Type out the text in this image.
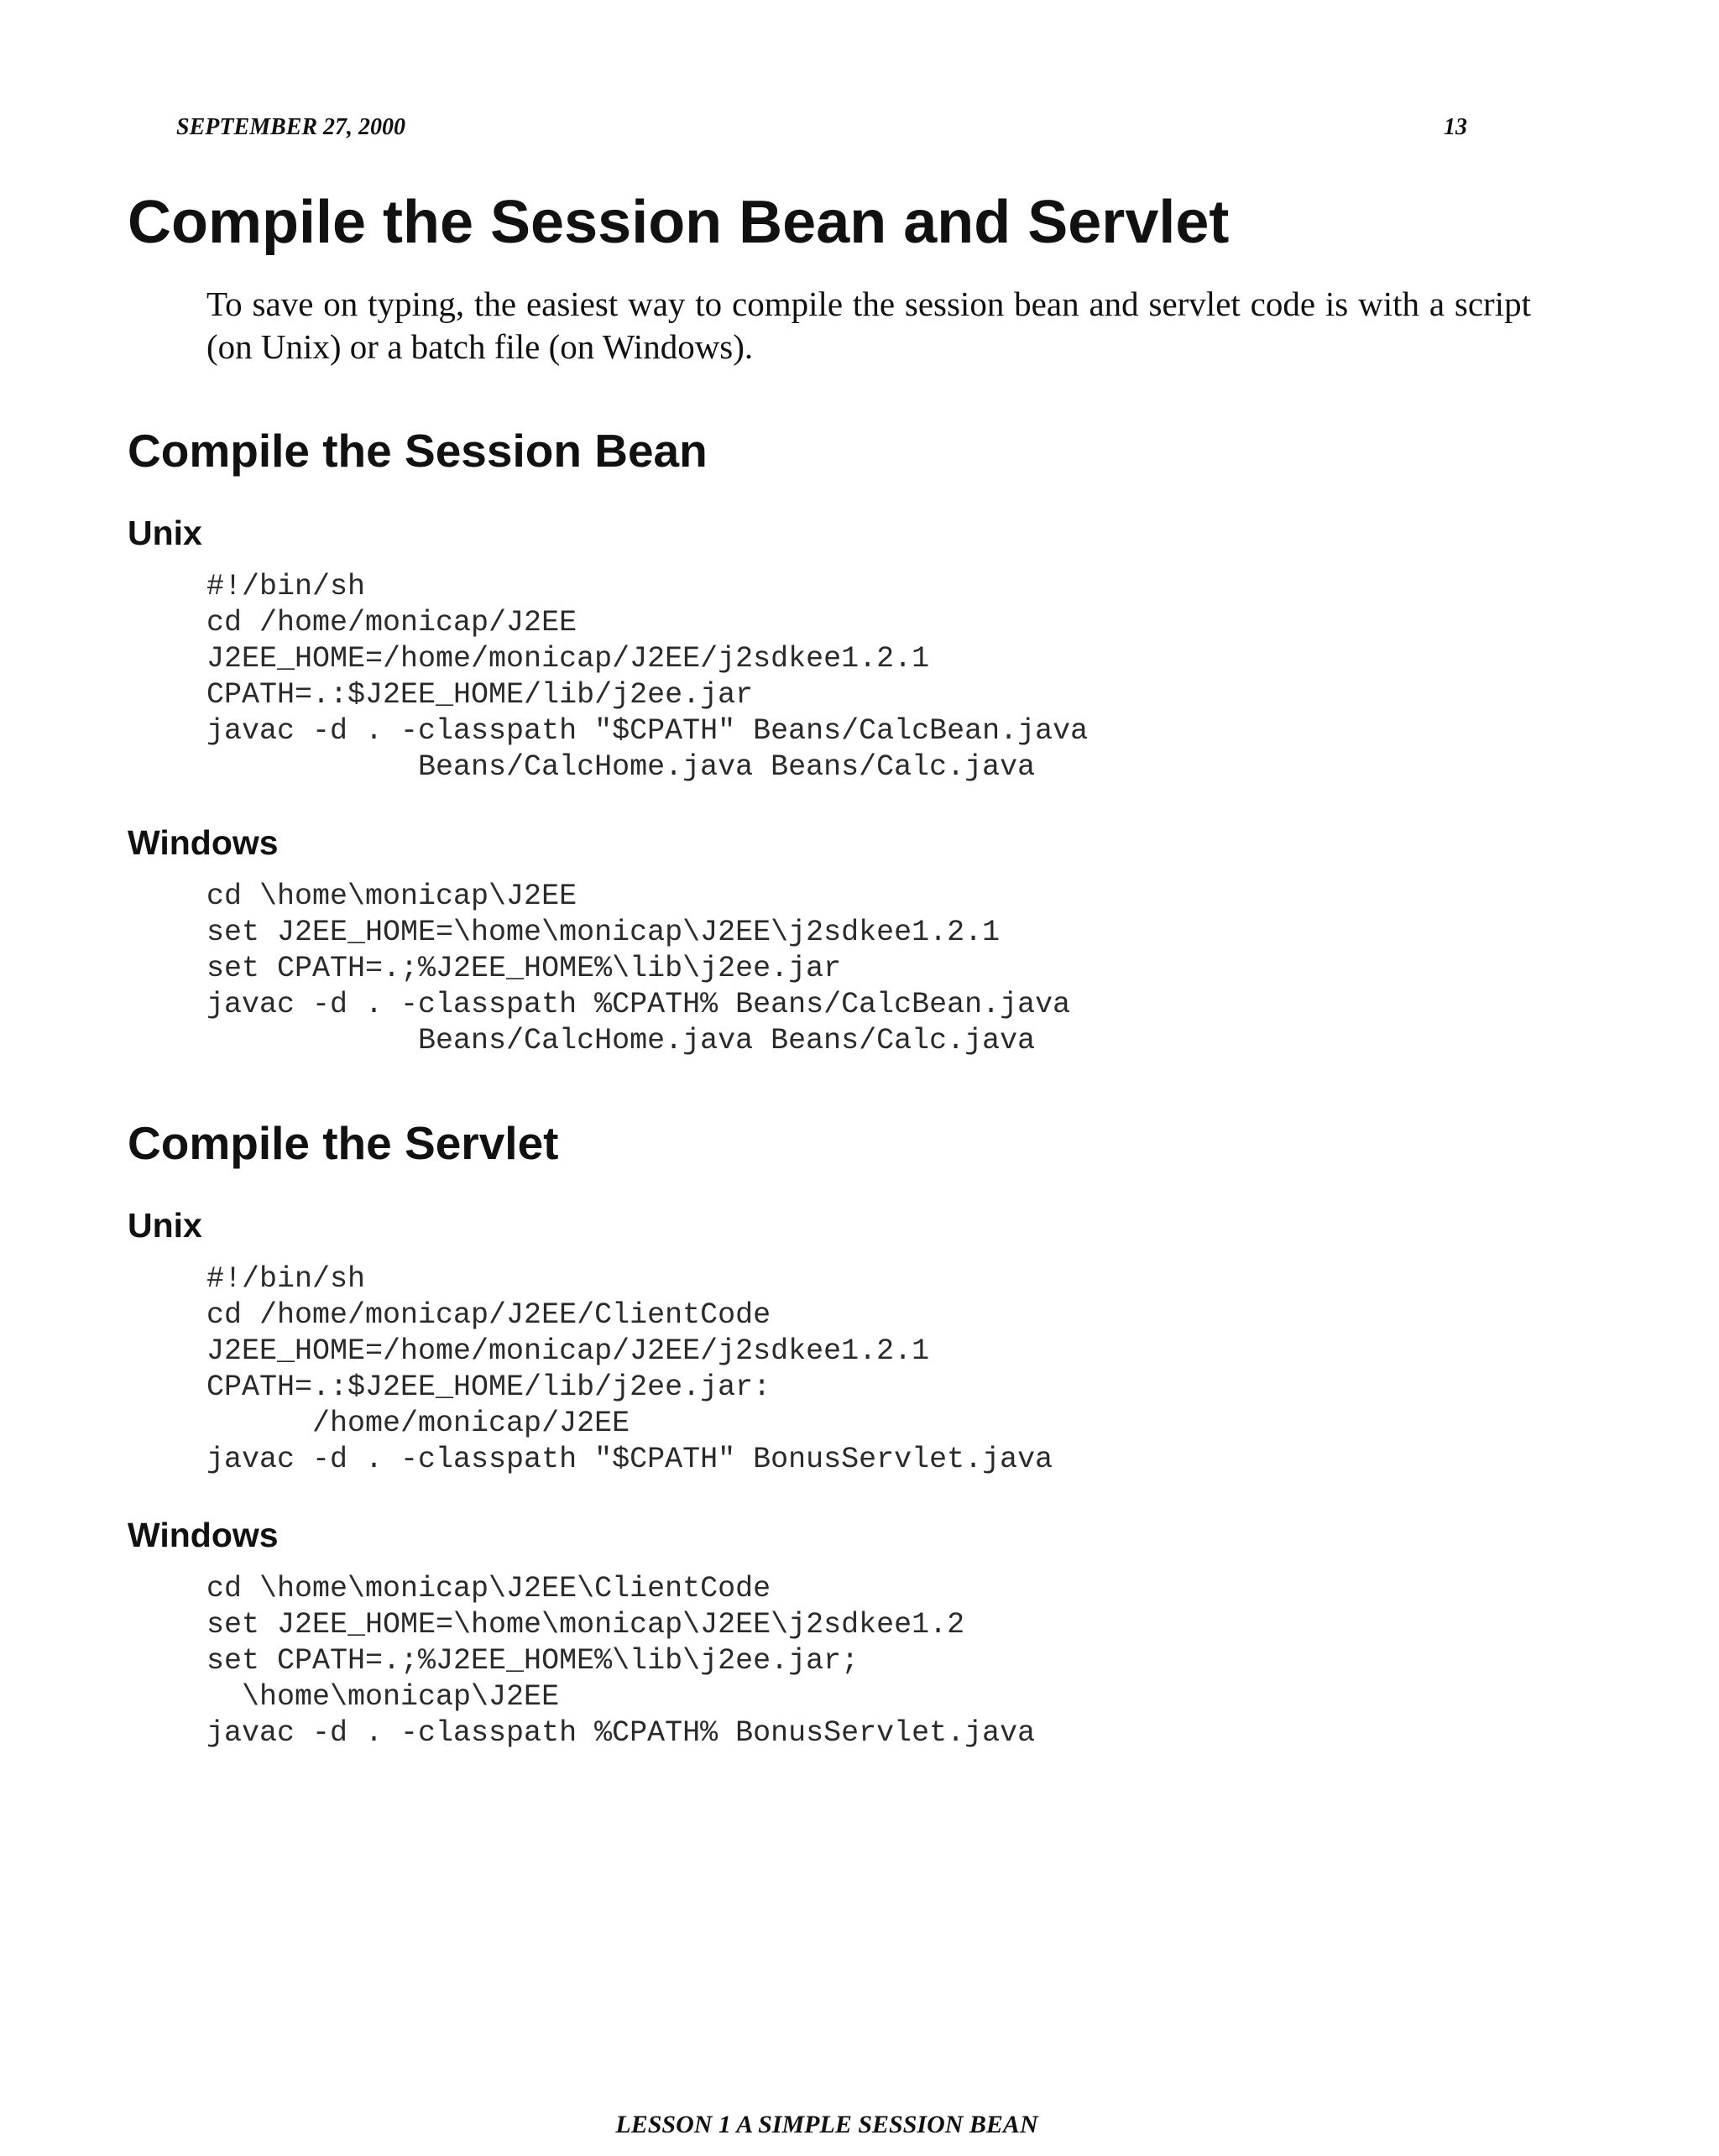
SEPTEMBER 27, 2000	13
Compile the Session Bean and Servlet

To save on typing, the easiest way to compile the session bean and servlet code is with a script (on Unix) or a batch file (on Windows).

Compile the Session Bean
Unix
#!/bin/sh
cd /home/monicap/J2EE
J2EE_HOME=/home/monicap/J2EE/j2sdkee1.2.1
CPATH=.:$J2EE_HOME/lib/j2ee.jar
javac -d . -classpath "$CPATH" Beans/CalcBean.java
Beans/CalcHome.java Beans/Calc.java
Windows
cd \home\monicap\J2EE
set J2EE_HOME=\home\monicap\J2EE\j2sdkee1.2.1
set CPATH=.;%J2EE_HOME%\lib\j2ee.jar
javac -d . -classpath %CPATH% Beans/CalcBean.java
Beans/CalcHome.java Beans/Calc.java
Compile the Servlet
Unix
#!/bin/sh
cd /home/monicap/J2EE/ClientCode
J2EE_HOME=/home/monicap/J2EE/j2sdkee1.2.1
CPATH=.:$J2EE_HOME/lib/j2ee.jar:
/home/monicap/J2EE
javac -d . -classpath "$CPATH" BonusServlet.java
Windows
cd \home\monicap\J2EE\ClientCode
set J2EE_HOME=\home\monicap\J2EE\j2sdkee1.2
set CPATH=.;%J2EE_HOME%\lib\j2ee.jar;
\home\monicap\J2EE
javac -d . -classpath %CPATH% BonusServlet.java
LESSON 1 A SIMPLE SESSION BEAN
